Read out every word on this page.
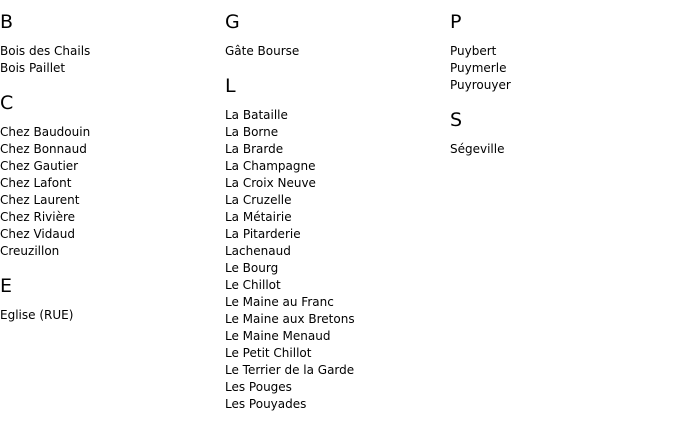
B
Bois des Chails
Bois Paillet
C
Chez Baudouin
Chez Bonnaud
Chez Gautier
Chez Lafont
Chez Laurent
Chez Rivière
Chez Vidaud
Creuzillon
E
Eglise (RUE)
G
Gâte Bourse
L
La Bataille
La Borne
La Brarde
La Champagne
La Croix Neuve
La Cruzelle
La Métairie
La Pitarderie
Lachenaud
Le Bourg
Le Chillot
Le Maine au Franc
Le Maine aux Bretons
Le Maine Menaud
Le Petit Chillot
Le Terrier de la Garde
Les Pouges
Les Pouyades
P
Puybert
Puymerle
Puyrouyer
S
Ségeville
